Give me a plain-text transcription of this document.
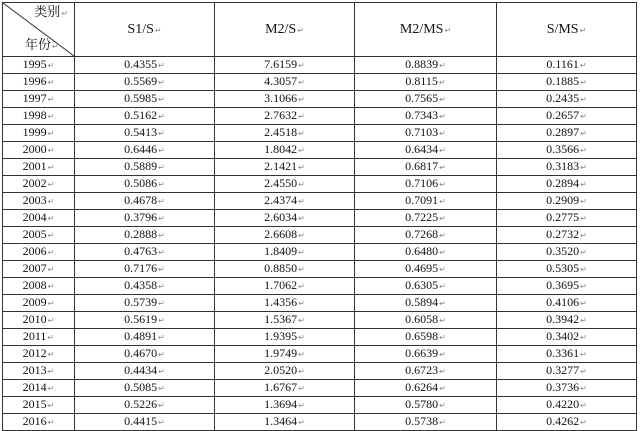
类别↵
年份↵	S1/S↵	M2/S↵	M2/MS↵	S/MS↵
1995↵	0.4355↵	7.6159↵	0.8839↵	0.1161↵
1996↵	0.5569↵	4.3057↵	0.8115↵	0.1885↵
1997↵	0.5985↵	3.1066↵	0.7565↵	0.2435↵
1998↵	0.5162↵	2.7632↵	0.7343↵	0.2657↵
1999↵	0.5413↵	2.4518↵	0.7103↵	0.2897↵
2000↵	0.6446↵	1.8042↵	0.6434↵	0.3566↵
2001↵	0.5889↵	2.1421↵	0.6817↵	0.3183↵
2002↵	0.5086↵	2.4550↵	0.7106↵	0.2894↵
2003↵	0.4678↵	2.4374↵	0.7091↵	0.2909↵
2004↵	0.3796↵	2.6034↵	0.7225↵	0.2775↵
2005↵	0.2888↵	2.6608↵	0.7268↵	0.2732↵
2006↵	0.4763↵	1.8409↵	0.6480↵	0.3520↵
2007↵	0.7176↵	0.8850↵	0.4695↵	0.5305↵
2008↵	0.4358↵	1.7062↵	0.6305↵	0.3695↵
2009↵	0.5739↵	1.4356↵	0.5894↵	0.4106↵
2010↵	0.5619↵	1.5367↵	0.6058↵	0.3942↵
2011↵	0.4891↵	1.9395↵	0.6598↵	0.3402↵
2012↵	0.4670↵	1.9749↵	0.6639↵	0.3361↵
2013↵	0.4434↵	2.0520↵	0.6723↵	0.3277↵
2014↵	0.5085↵	1.6767↵	0.6264↵	0.3736↵
2015↵	0.5226↵	1.3694↵	0.5780↵	0.4220↵
2016↵	0.4415↵	1.3464↵	0.5738↵	0.4262↵
